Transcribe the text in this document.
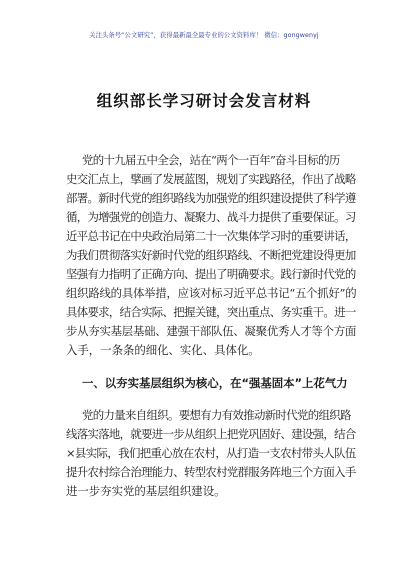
关注头条号“公文研究”，获得最新最全最专业的公文资料库！ 微信：gongwenyj
组织部长学习研讨会发言材料
党的十九届五中全会，站在“两个一百年”奋斗目标的历
史交汇点上，擘画了发展蓝图，规划了实践路径，作出了战略
部署。新时代党的组织路线为加强党的组织建设提供了科学遵
循，为增强党的创造力、凝聚力、战斗力提供了重要保证。习
近平总书记在中央政治局第二十一次集体学习时的重要讲话，
为我们贯彻落实好新时代党的组织路线、不断把党建设得更加
坚强有力指明了正确方向、提出了明确要求。践行新时代党的
组织路线的具体举措，应该对标习近平总书记“五个抓好”的
具体要求，结合实际、把握关键，突出重点、务实重干。进一
步从夯实基层基础、建强干部队伍、凝聚优秀人才等个方面
入手，一条条的细化、实化、具体化。
一、以夯实基层组织为核心，在“强基固本”上花气力
党的力量来自组织。要想有力有效推动新时代党的组织路
线落实落地，就要进一步从组织上把党巩固好、建设强，结合
×县实际，我们把重心放在农村，从打造一支农村带头人队伍
提升农村综合治理能力、转型农村党群服务阵地三个方面入手
进一步夯实党的基层组织建设。
